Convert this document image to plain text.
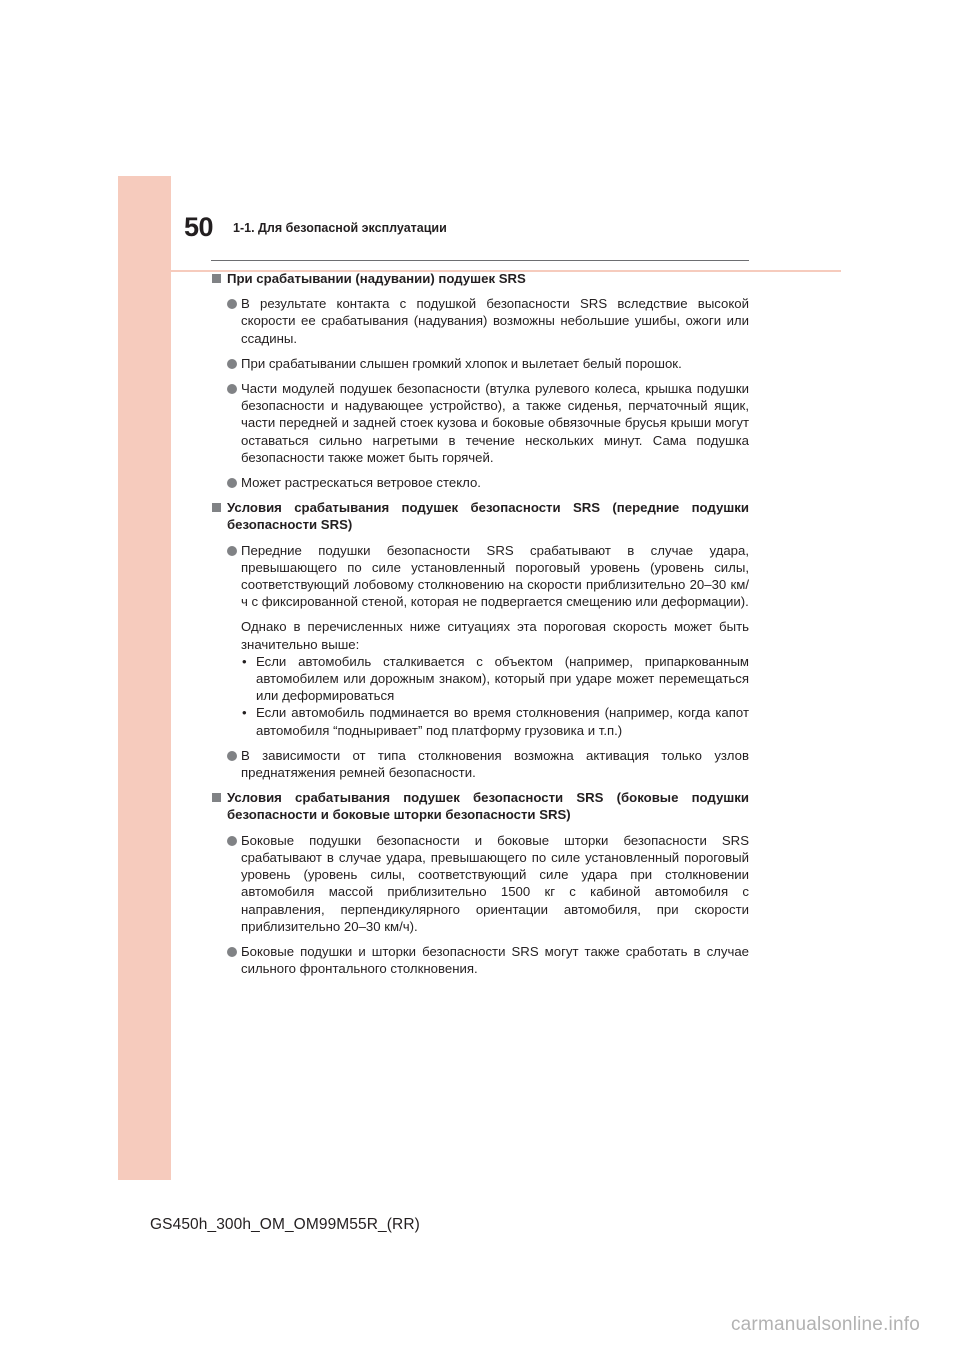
50 1-1. Для безопасной эксплуатации
При срабатывании (надувании) подушек SRS
В результате контакта с подушкой безопасности SRS вследствие высокой скорости ее срабатывания (надувания) возможны небольшие ушибы, ожоги или ссадины.
При срабатывании слышен громкий хлопок и вылетает белый порошок.
Части модулей подушек безопасности (втулка рулевого колеса, крышка подушки безопасности и надувающее устройство), а также сиденья, перчаточный ящик, части передней и задней стоек кузова и боковые обвязочные брусья крыши могут оставаться сильно нагретыми в течение нескольких минут. Сама подушка безопасности также может быть горячей.
Может растрескаться ветровое стекло.
Условия срабатывания подушек безопасности SRS (передние подушки безопасности SRS)
Передние подушки безопасности SRS срабатывают в случае удара, превышающего по силе установленный пороговый уровень (уровень силы, соответствующий лобовому столкновению на скорости приблизительно 20–30 км/ч с фиксированной стеной, которая не подвергается смещению или деформации).
Однако в перечисленных ниже ситуациях эта пороговая скорость может быть значительно выше:
• Если автомобиль сталкивается с объектом (например, припаркованным автомобилем или дорожным знаком), который при ударе может перемещаться или деформироваться
• Если автомобиль подминается во время столкновения (например, когда капот автомобиля “подныривает” под платформу грузовика и т.п.)
В зависимости от типа столкновения возможна активация только узлов преднатяжения ремней безопасности.
Условия срабатывания подушек безопасности SRS (боковые подушки безопасности и боковые шторки безопасности SRS)
Боковые подушки безопасности и боковые шторки безопасности SRS срабатывают в случае удара, превышающего по силе установленный пороговый уровень (уровень силы, соответствующий силе удара при столкновении автомобиля массой приблизительно 1500 кг с кабиной автомобиля с направления, перпендикулярного ориентации автомобиля, при скорости приблизительно 20–30 км/ч).
Боковые подушки и шторки безопасности SRS могут также сработать в случае сильного фронтального столкновения.
GS450h_300h_OM_OM99M55R_(RR)
carmanualsonline.info
